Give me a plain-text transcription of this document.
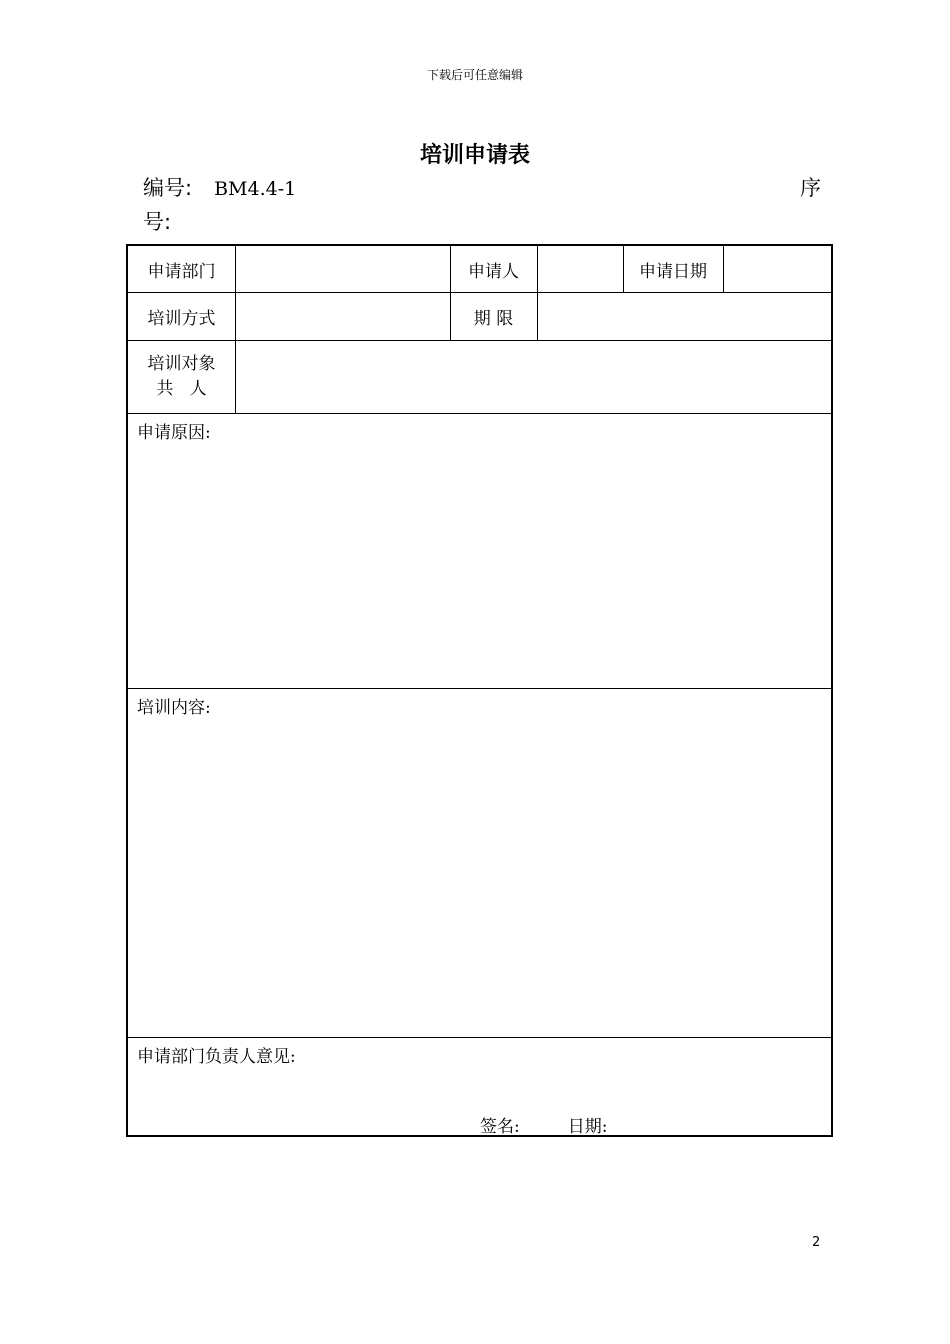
下载后可任意编辑
培训申请表
编号: BM4.4-1	序
号:
申请部门	申请人	申请日期
培训方式	期 限
培训对象
共   人
申请原因:
培训内容:
申请部门负责人意见:
签名:	日期:
2
